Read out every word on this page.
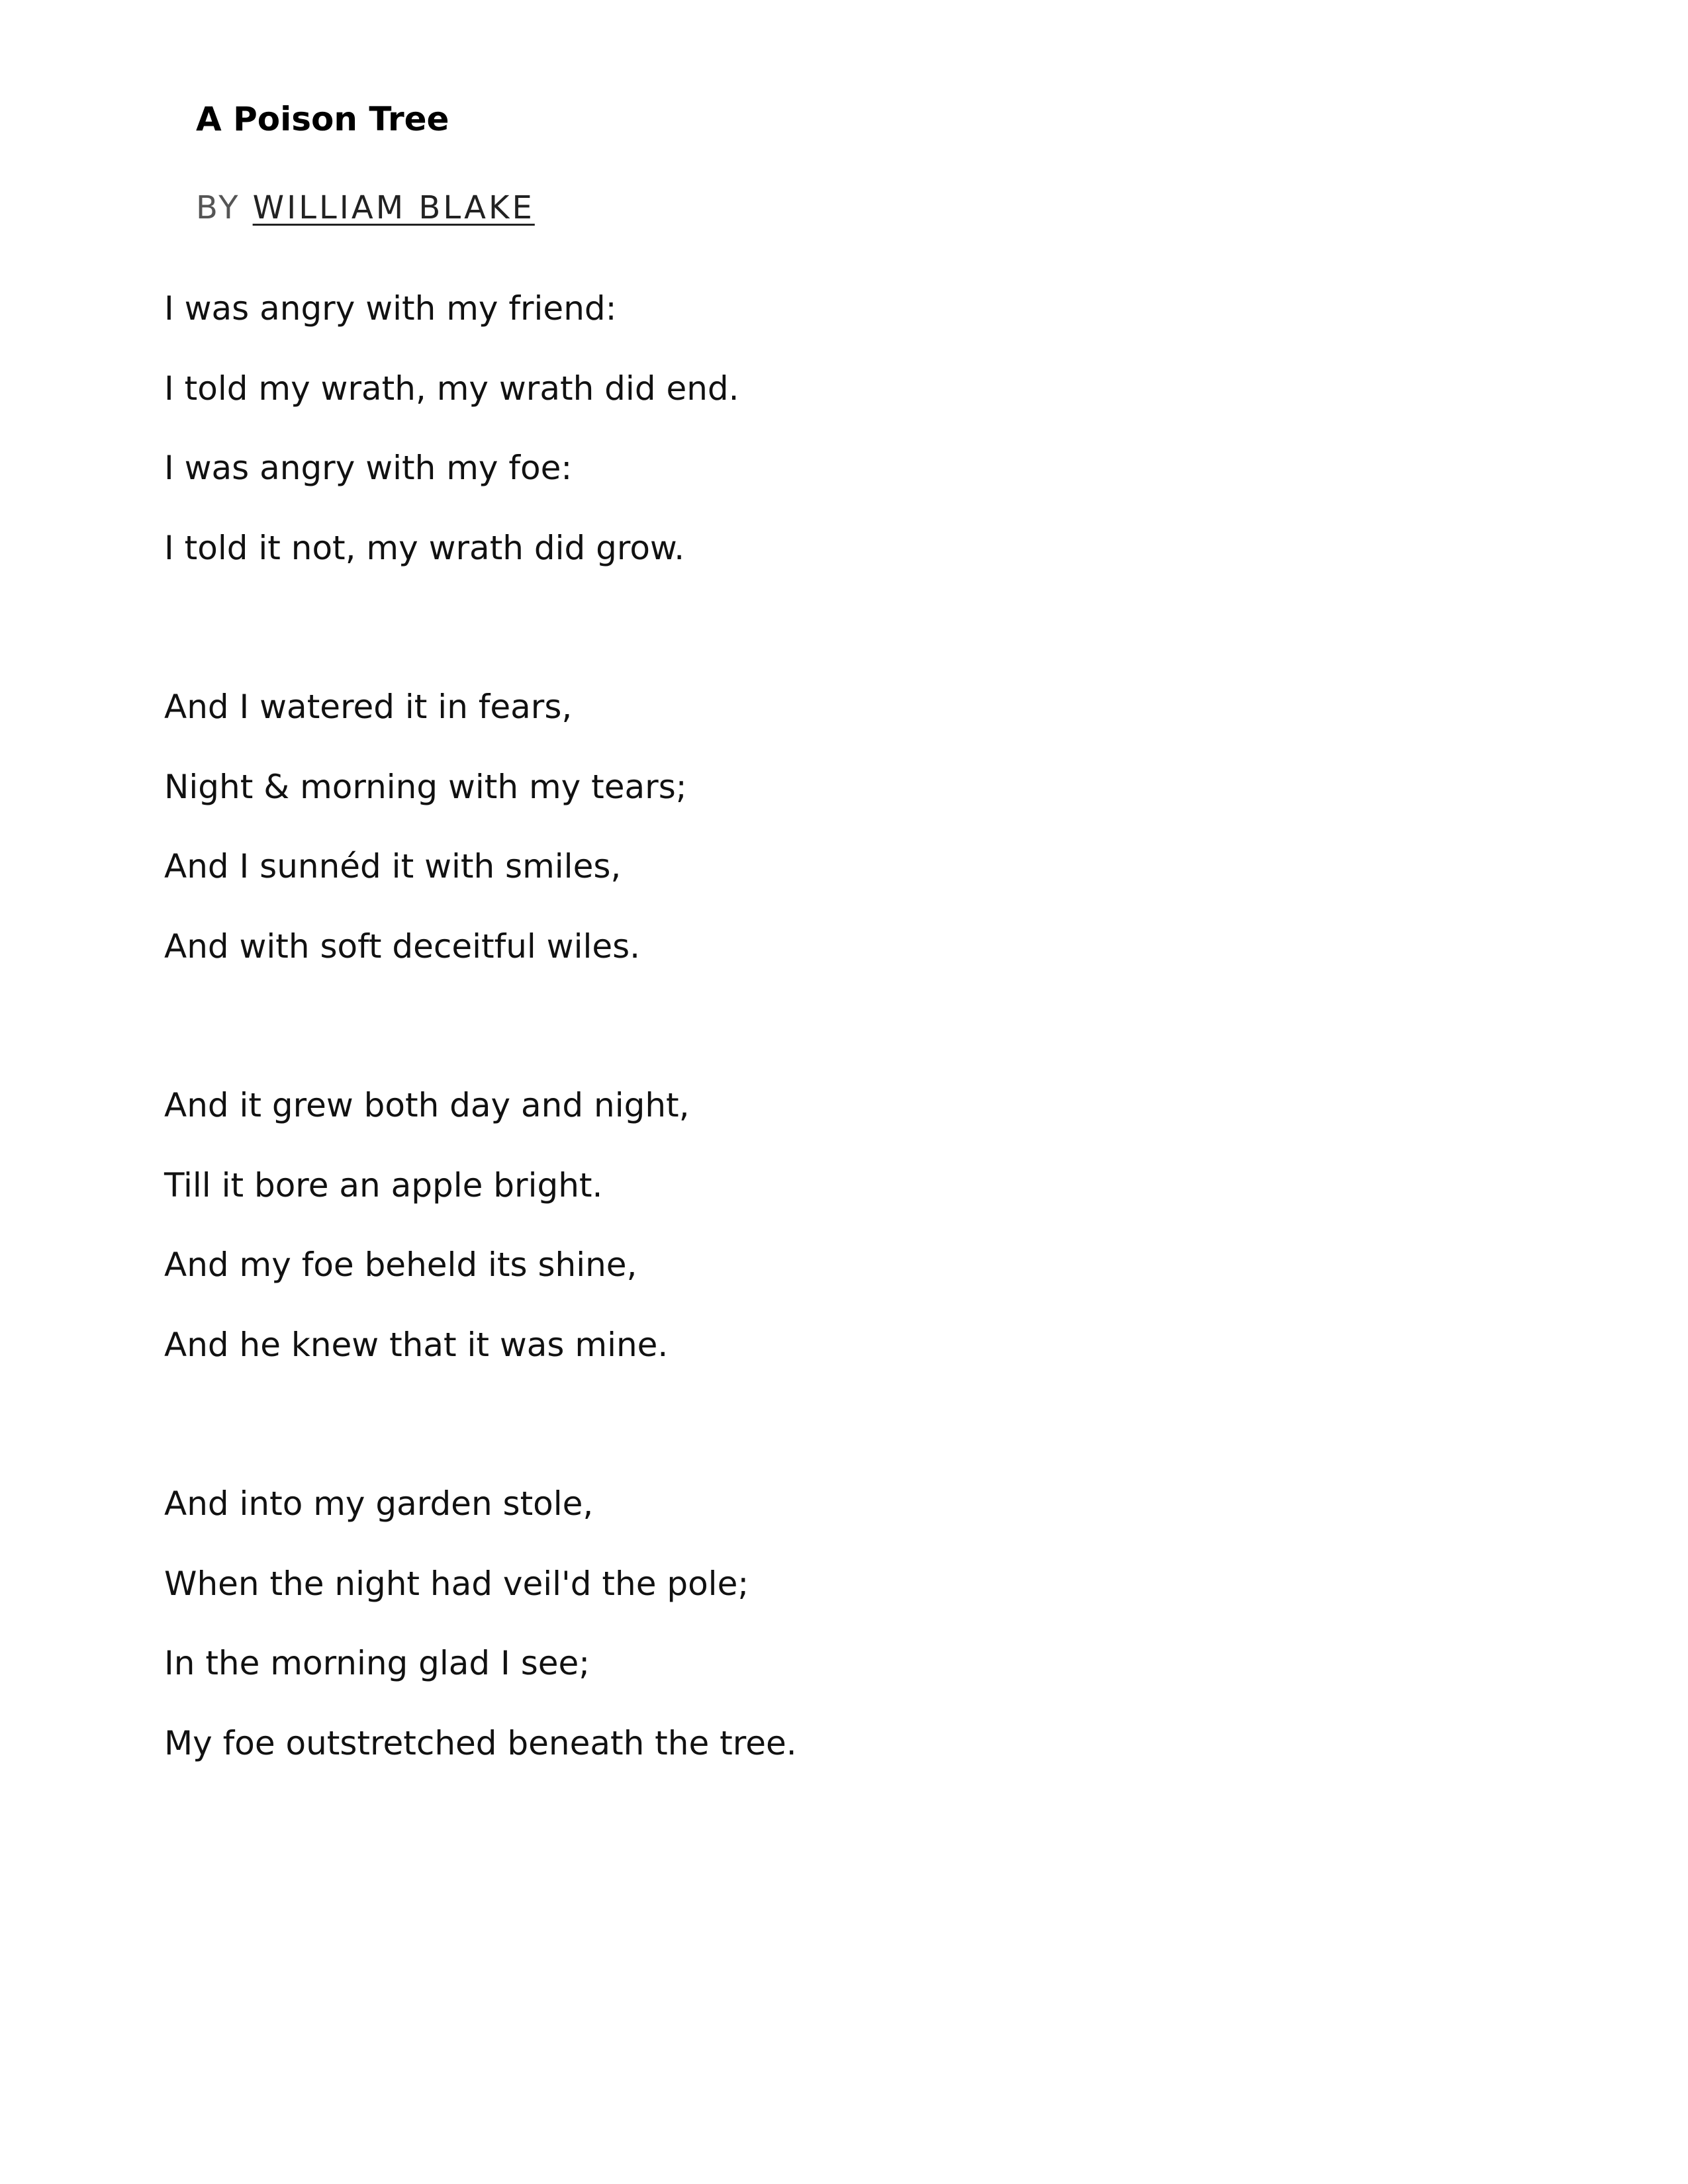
A Poison Tree
BY WILLIAM BLAKE
I was angry with my friend:
I told my wrath, my wrath did end.
I was angry with my foe:
I told it not, my wrath did grow.
And I watered it in fears,
Night & morning with my tears;
And I sunnéd it with smiles,
And with soft deceitful wiles.
And it grew both day and night,
Till it bore an apple bright.
And my foe beheld its shine,
And he knew that it was mine.
And into my garden stole,
When the night had veil'd the pole;
In the morning glad I see;
My foe outstretched beneath the tree.
